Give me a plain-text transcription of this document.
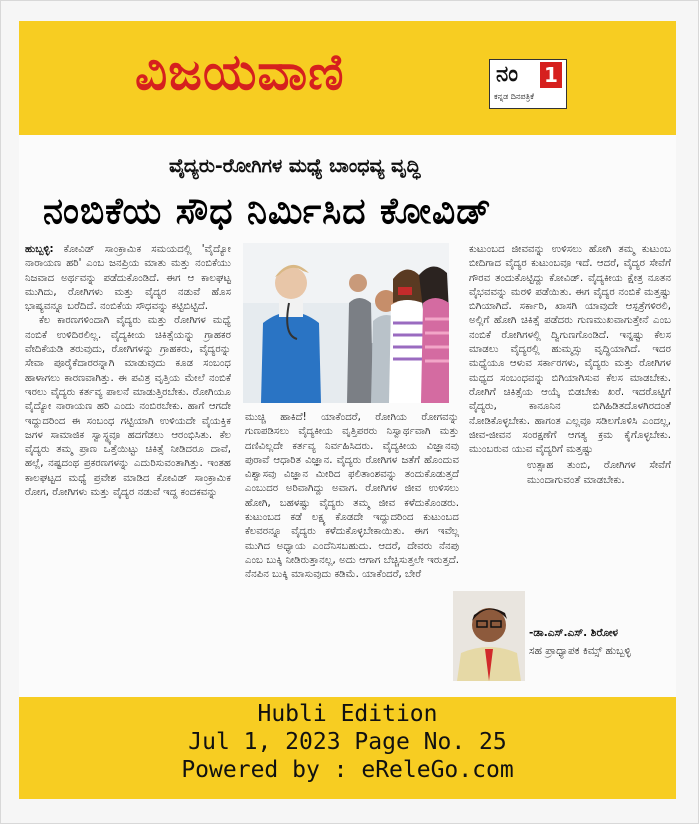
ವಿಜಯವಾಣಿ	ನಂ 1
ಕನ್ನಡ ದಿನಪತ್ರಿಕೆ
ವೈದ್ಯರು-ರೋಗಿಗಳ ಮಧ್ಯೆ ಬಾಂಧವ್ಯ ವೃದ್ಧಿ
ನಂಬಿಕೆಯ ಸೌಧ ನಿರ್ಮಿಸಿದ ಕೋವಿಡ್

ಹುಬ್ಬಳ್ಳಿ: ಕೋವಿಡ್ ಸಾಂಕ್ರಾಮಿಕ ಸಮಯದಲ್ಲಿ 'ವೈದ್ಯೋ ನಾರಾಯಣ ಹರಿ' ಎಂಬ ಜನಪ್ರಿಯ ಮಾತು ಮತ್ತು ನಂಬಿಕೆಯು ನಿಜವಾದ ಅರ್ಥವನ್ನು ಪಡೆದುಕೊಂಡಿದೆ. ಈಗ ಆ ಕಾಲಘಟ್ಟ ಮುಗಿದು, ರೋಗಿಗಳು ಮತ್ತು ವೈದ್ಯರ ನಡುವೆ ಹೊಸ ಭಾಷ್ಯವನ್ನೂ ಬರೆದಿದೆ. ನಂಬಿಕೆಯ ಸೌಧವನ್ನು ಕಟ್ಟಿಬಿಟ್ಟಿದೆ.

ಕೆಲ ಕಾರಣಗಳಿಂದಾಗಿ ವೈದ್ಯರು ಮತ್ತು ರೋಗಿಗಳ ಮಧ್ಯೆ ನಂಬಿಕೆ ಉಳಿದಿರಲಿಲ್ಲ. ವೈದ್ಯಕೀಯ ಚಿಕಿತ್ಸೆಯನ್ನು ಗ್ರಾಹಕರ ವೇದಿಕೆಯಡಿ ತರುವುದು, ರೋಗಿಗಳನ್ನು ಗ್ರಾಹಕರು, ವೈದ್ಯರನ್ನು ಸೇವಾ ಪೂರೈಕೆದಾರರನ್ನಾಗಿ ಮಾಡುವುದು ಕೂಡ ಸಂಬಂಧ ಹಾಳಾಗಲು ಕಾರಣವಾಗಿತ್ತು. ಈ ಪವಿತ್ರ ವೃತ್ತಿಯ ಮೇಲೆ ನಂಬಿಕೆ ಇರಲು ವೈದ್ಯರು ಕರ್ತವ್ಯ ಪಾಲನೆ ಮಾಡುತ್ತಿರಬೇಕು. ರೋಗಿಯೂ ವೈದ್ಯೋ ನಾರಾಯಣ ಹರಿ ಎಂದು ನಂಬಿರಬೇಕು. ಹಾಗೆ ಆಗದೇ ಇದ್ದುದರಿಂದ ಈ ಸಂಬಂಧ ಗಟ್ಟಿಯಾಗಿ ಉಳಿಯದೇ ವೈಯಕ್ತಿಕ ಜಗಳ ಸಾಮಾಜಿಕ ಸ್ವಾಸ್ಥ್ಯವೂ ಹದಗೆಡಲು ಆರಂಭಿಸಿತು. ಕೆಲ ವೈದ್ಯರು ತಮ್ಮ ಪ್ರಾಣ ಒತ್ತೆಯಿಟ್ಟು ಚಿಕಿತ್ಸೆ ನೀಡಿದರೂ ದಾವೆ, ಹಲ್ಲೆ, ನಷ್ಟದಂಥ ಪ್ರಕರಣಗಳನ್ನು ಎದುರಿಸುವಂತಾಗಿತ್ತು. ಇಂತಹ ಕಾಲಘಟ್ಟದ ಮಧ್ಯೆ ಪ್ರವೇಶ ಮಾಡಿದ ಕೋವಿಡ್ ಸಾಂಕ್ರಾಮಿಕ ರೋಗ, ರೋಗಿಗಳು ಮತ್ತು ವೈದ್ಯರ ನಡುವೆ ಇದ್ದ ಕಂದಕವನ್ನು

ಮುಚ್ಚಿ ಹಾಕಿದೆ! ಯಾಕೆಂದರೆ, ರೋಗಿಯ ರೋಗವನ್ನು ಗುಣಪಡಿಸಲು ವೈದ್ಯಕೀಯ ವೃತ್ತಿಪರರು ನಿಸ್ವಾರ್ಥವಾಗಿ ಮತ್ತು ದಣಿವಿಲ್ಲದೇ ಕರ್ತವ್ಯ ನಿರ್ವಹಿಸಿದರು. ವೈದ್ಯಕೀಯ ವಿಜ್ಞಾನವು ಪುರಾವೆ ಆಧಾರಿತ ವಿಜ್ಞಾನ. ವೈದ್ಯರು ರೋಗಿಗಳ ಜತೆಗೆ ಹೊಂದುವ ವಿಶ್ವಾಸವು ವಿಜ್ಞಾನ ಮೀರಿದ ಫಲಿತಾಂಶವನ್ನು ತಂದುಕೊಡುತ್ತದೆ ಎಂಬುದರ ಅರಿವಾಗಿದ್ದು ಅವಾಗ. ರೋಗಿಗಳ ಜೀವ ಉಳಿಸಲು ಹೋಗಿ, ಬಹಳಷ್ಟು ವೈದ್ಯರು ತಮ್ಮ ಜೀವ ಕಳೆದುಕೊಂಡರು. ಕುಟುಂಬದ ಕಡೆ ಲಕ್ಷ್ಯ ಕೊಡದೇ ಇದ್ದುದರಿಂದ ಕುಟುಂಬದ ಕೆಲವರನ್ನೂ ವೈದ್ಯರು ಕಳೆದುಕೊಳ್ಳಬೇಕಾಯಿತು. ಈಗ ಇವೆಲ್ಲ ಮುಗಿದ ಅಧ್ಯಾಯ ಎಂದೆನಿಸಬಹುದು. ಆದರೆ, ದೇವರು ನೆನಪು ಎಂಬ ಬುಕ್ಕಿ ನೀಡಿರುತ್ತಾನಲ್ಲ, ಅದು ಆಗಾಗ ಬೆಚ್ಚಿಸುತ್ತಲೇ ಇರುತ್ತದೆ. ನೆನಪಿನ ಬುಕ್ಕಿ ಮಾಸುವುದು ಕಡಿಮೆ. ಯಾಕೆಂದರೆ, ಬೇರೆ

ಕುಟುಂಬದ ಜೀವವನ್ನು ಉಳಿಸಲು ಹೋಗಿ ತಮ್ಮ ಕುಟುಂಬ ಬೀದಿಗಾದ ವೈದ್ಯರ ಕುಟುಂಬವೂ ಇದೆ. ಆದರೆ, ವೈದ್ಯರ ಸೇವೆಗೆ ಗೌರವ ತಂದುಕೊಟ್ಟಿದ್ದು ಕೋವಿಡ್. ವೈದ್ಯಕೀಯ ಕ್ಷೇತ್ರ ನೂತನ ವೈಭವವನ್ನು ಮರಳಿ ಪಡೆಯಿತು. ಈಗ ವೈದ್ಯರ ನಂಬಿಕೆ ಮತ್ತಷ್ಟು ಬಿಗಿಯಾಗಿದೆ. ಸರ್ಕಾರಿ, ಖಾಸಗಿ ಯಾವುದೇ ಆಸ್ಪತ್ರೆಗಳಿರಲಿ, ಅಲ್ಲಿಗೆ ಹೋಗಿ ಚಿಕಿತ್ಸೆ ಪಡೆದರು ಗುಣಮುಖವಾಗುತ್ತೇನೆ ಎಂಬ ನಂಬಿಕೆ ರೋಗಿಗಳಲ್ಲಿ ದ್ವಿಗುಣಗೊಂಡಿದೆ. ಇನ್ನಷ್ಟು ಕೆಲಸ ಮಾಡಲು ವೈದ್ಯರಲ್ಲಿ ಹುಮ್ಮಸ್ಸು ವೃದ್ಧಿಯಾಗಿದೆ. ಇದರ ಮಧ್ಯೆಯೂ ಆಳುವ ಸರ್ಕಾರಗಳು, ವೈದ್ಯರು ಮತ್ತು ರೋಗಿಗಳ ಮಧ್ಯದ ಸಂಬಂಧವನ್ನು ಬಿಗಿಯಾಗಿಸುವ ಕೆಲಸ ಮಾಡಬೇಕು. ರೋಗಿಗೆ ಚಿಕಿತ್ಸೆಯ ಆಯ್ಕೆ ಬಿಡಬೇಕು ಖರೆ. ಇದರೊಟ್ಟಿಗೆ ವೈದ್ಯರು, ಕಾನೂನಿನ ಬಿಗಿಹಿಡಿತದೊಳಗಿರದಂತೆ ನೋಡಿಕೊಳ್ಳಬೇಕು. ಹಾಗಂತ ಎಲ್ಲವೂ ಸಡಿಲಗೊಳಿಸಿ ಎಂದಲ್ಲ, ಜೀವ-ಜೀವನ ಸಂರಕ್ಷಣೆಗೆ ಆಗತ್ಯ ಕ್ರಮ ಕೈಗೊಳ್ಳಬೇಕು. ಮುಂಬರುವ ಯುವ ವೈದ್ಯರಿಗೆ ಮತ್ತಷ್ಟು

ಉತ್ಸಾಹ ತುಂಬಿ, ರೋಗಿಗಳ ಸೇವೆಗೆ ಮುಂದಾಗುವಂತೆ ಮಾಡಬೇಕು.

-ಡಾ.ಎಸ್.ಎಸ್. ಶಿರೋಳ
ಸಹ ಪ್ರಾಧ್ಯಾಪಕ ಕಿಮ್ಸ್ ಹುಬ್ಬಳ್ಳಿ
Hubli Edition
Jul 1, 2023 Page No. 25
Powered by : eReleGo.com
